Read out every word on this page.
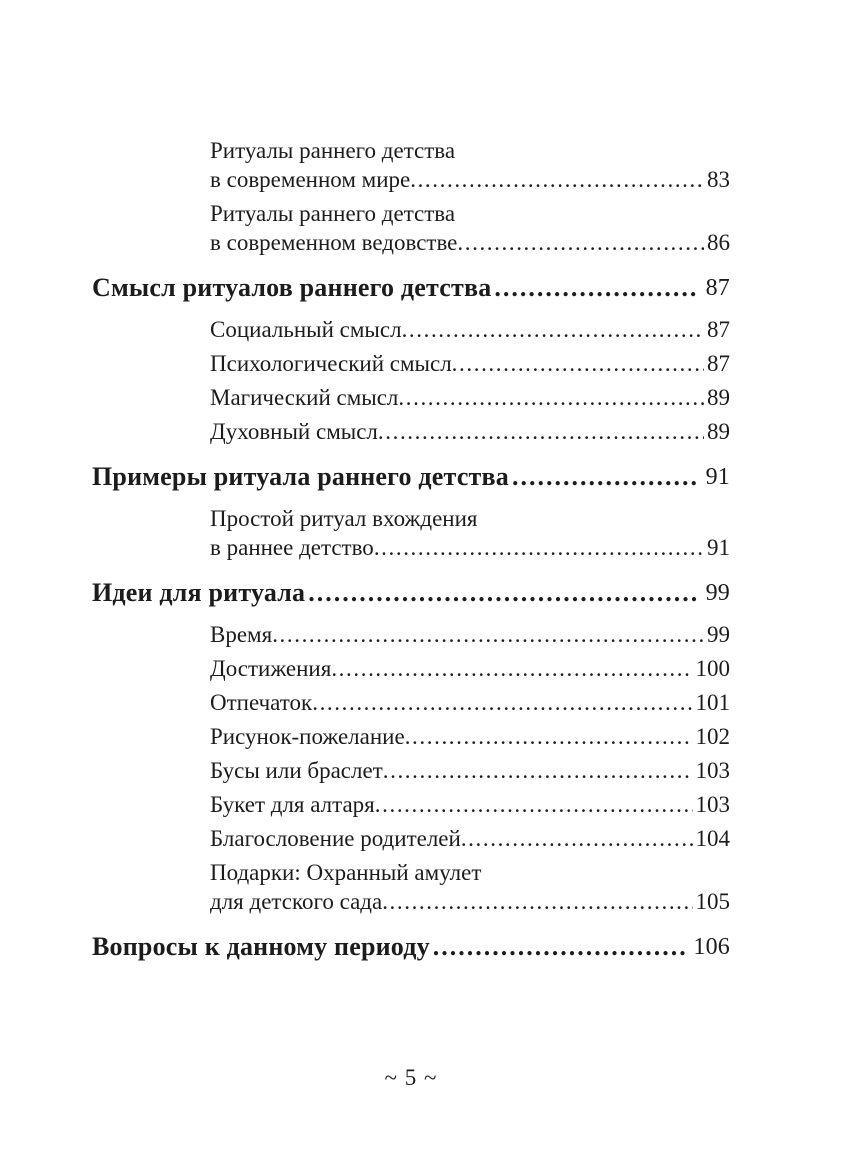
Ритуалы раннего детства
в современном мире .....	83
Ритуалы раннего детства
в современном ведовстве .....	86
Смысл ритуалов раннего детства .....	87
Социальный смысл .....	87
Психологический смысл .....	87
Магический смысл .....	89
Духовный смысл .....	89
Примеры ритуала раннего детства .....	91
Простой ритуал вхождения
в раннее детство .....	91
Идеи для ритуала .....	99
Время .....	99
Достижения .....	100
Отпечаток .....	101
Рисунок-пожелание .....	102
Бусы или браслет .....	103
Букет для алтаря .....	103
Благословение родителей .....	104
Подарки: Охранный амулет
для детского сада .....	105
Вопросы к данному периоду .....	106
~ 5 ~
